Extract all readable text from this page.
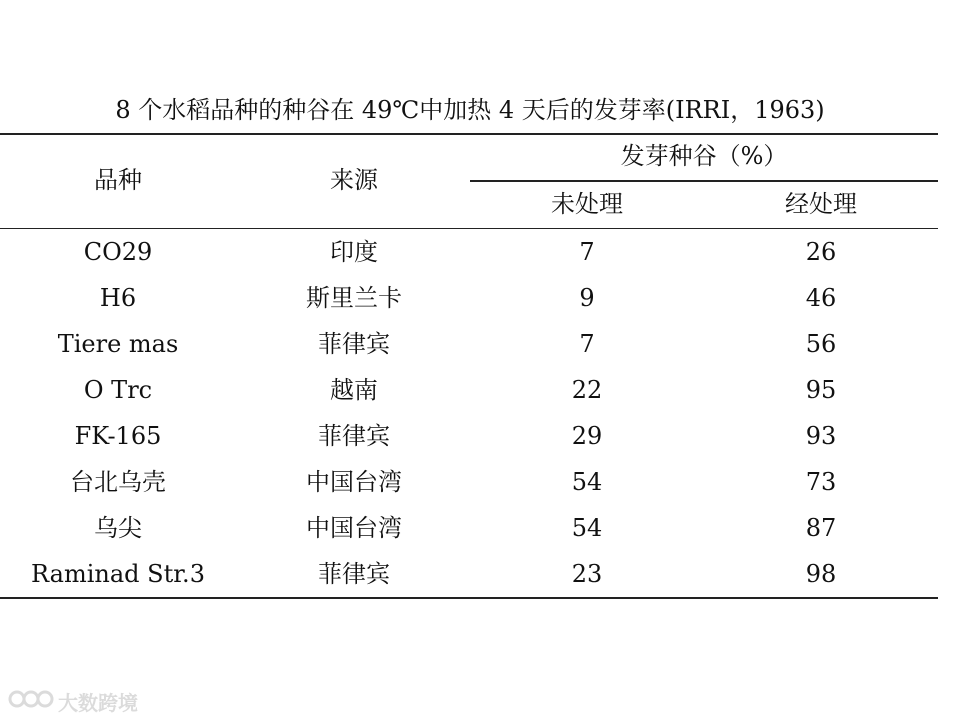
8 个水稻品种的种谷在 49℃中加热 4 天后的发芽率(IRRI，1963)
品种	来源
发芽种谷（%）
未处理	经处理
CO29	印度	7	26
H6	斯里兰卡	9	46
Tiere mas	菲律宾	7	56
O Trc	越南	22	95
FK-165	菲律宾	29	93
台北乌壳	中国台湾	54	73
乌尖	中国台湾	54	87
Raminad Str.3	菲律宾	23	98
大数跨境
